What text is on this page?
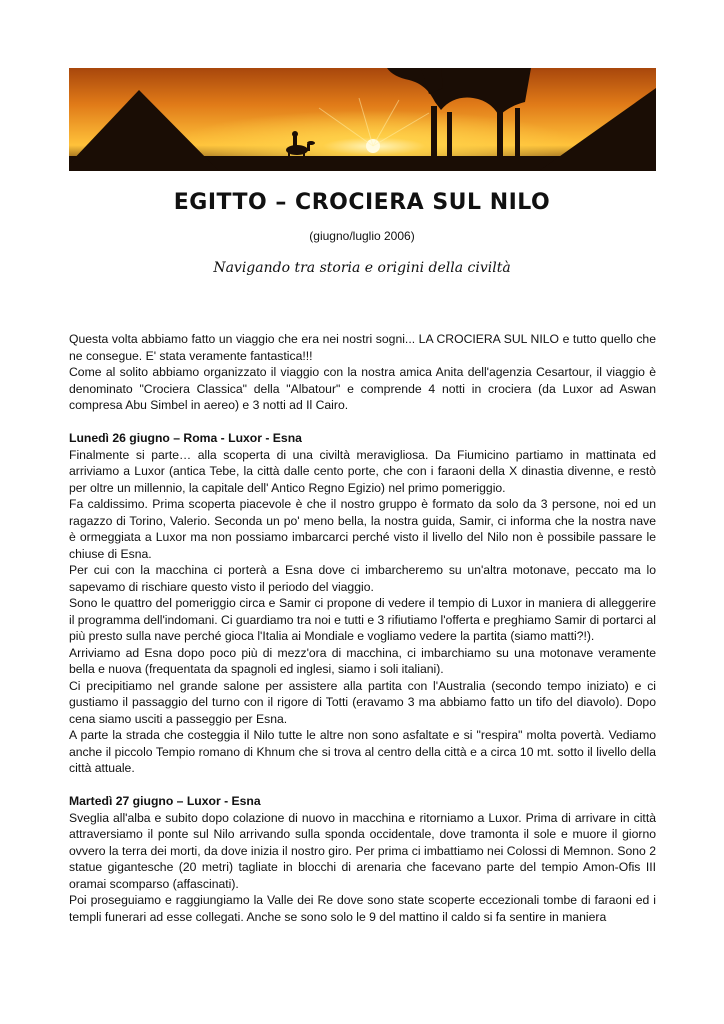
EGITTO – CROCIERA SUL NILO

(giugno/luglio 2006)

Navigando tra storia e origini della civiltà

Questa volta abbiamo fatto un viaggio che era nei nostri sogni... LA CROCIERA SUL NILO e tutto quello che ne consegue. E' stata veramente fantastica!!!

Come al solito abbiamo organizzato il viaggio con la nostra amica Anita dell'agenzia Cesartour, il viaggio è denominato "Crociera Classica" della "Albatour" e comprende 4 notti in crociera (da Luxor ad Aswan compresa Abu Simbel in aereo) e 3 notti ad Il Cairo.

Lunedì 26 giugno – Roma - Luxor - Esna

Finalmente si parte… alla scoperta di una civiltà meravigliosa. Da Fiumicino partiamo in mattinata ed arriviamo a Luxor (antica Tebe, la città dalle cento porte, che con i faraoni della X dinastia divenne, e restò per oltre un millennio, la capitale dell' Antico Regno Egizio) nel primo pomeriggio.

Fa caldissimo. Prima scoperta piacevole è che il nostro gruppo è formato da solo da 3 persone, noi ed un ragazzo di Torino, Valerio. Seconda un po' meno bella, la nostra guida, Samir, ci informa che la nostra nave è ormeggiata a Luxor ma non possiamo imbarcarci perché visto il livello del Nilo non è possibile passare le chiuse di Esna.

Per cui con la macchina ci porterà a Esna dove ci imbarcheremo su un'altra motonave, peccato ma lo sapevamo di rischiare questo visto il periodo del viaggio.

Sono le quattro del pomeriggio circa e Samir ci propone di vedere il tempio di Luxor in maniera di alleggerire il programma dell'indomani. Ci guardiamo tra noi e tutti e 3 rifiutiamo l'offerta e preghiamo Samir di portarci al più presto sulla nave perché gioca l'Italia ai Mondiale e vogliamo vedere la partita (siamo matti?!).

Arriviamo ad Esna dopo poco più di mezz'ora di macchina, ci imbarchiamo su una motonave veramente bella e nuova (frequentata da spagnoli ed inglesi, siamo i soli italiani).

Ci precipitiamo nel grande salone per assistere alla partita con l'Australia (secondo tempo iniziato) e ci gustiamo il passaggio del turno con il rigore di Totti (eravamo 3 ma abbiamo fatto un tifo del diavolo). Dopo cena siamo usciti a passeggio per Esna.

A parte la strada che costeggia il Nilo tutte le altre non sono asfaltate e si "respira" molta povertà. Vediamo anche il piccolo Tempio romano di Khnum che si trova al centro della città e a circa 10 mt. sotto il livello della città attuale.

Martedì 27 giugno – Luxor - Esna

Sveglia all'alba e subito dopo colazione di nuovo in macchina e ritorniamo a Luxor. Prima di arrivare in città attraversiamo il ponte sul Nilo arrivando sulla sponda occidentale, dove tramonta il sole e muore il giorno ovvero la terra dei morti, da dove inizia il nostro giro. Per prima ci imbattiamo nei Colossi di Memnon. Sono 2 statue gigantesche (20 metri) tagliate in blocchi di arenaria che facevano parte del tempio Amon-Ofis III oramai scomparso (affascinati).

Poi proseguiamo e raggiungiamo la Valle dei Re dove sono state scoperte eccezionali tombe di faraoni ed i templi funerari ad esse collegati. Anche se sono solo le 9 del mattino il caldo si fa sentire in maniera
